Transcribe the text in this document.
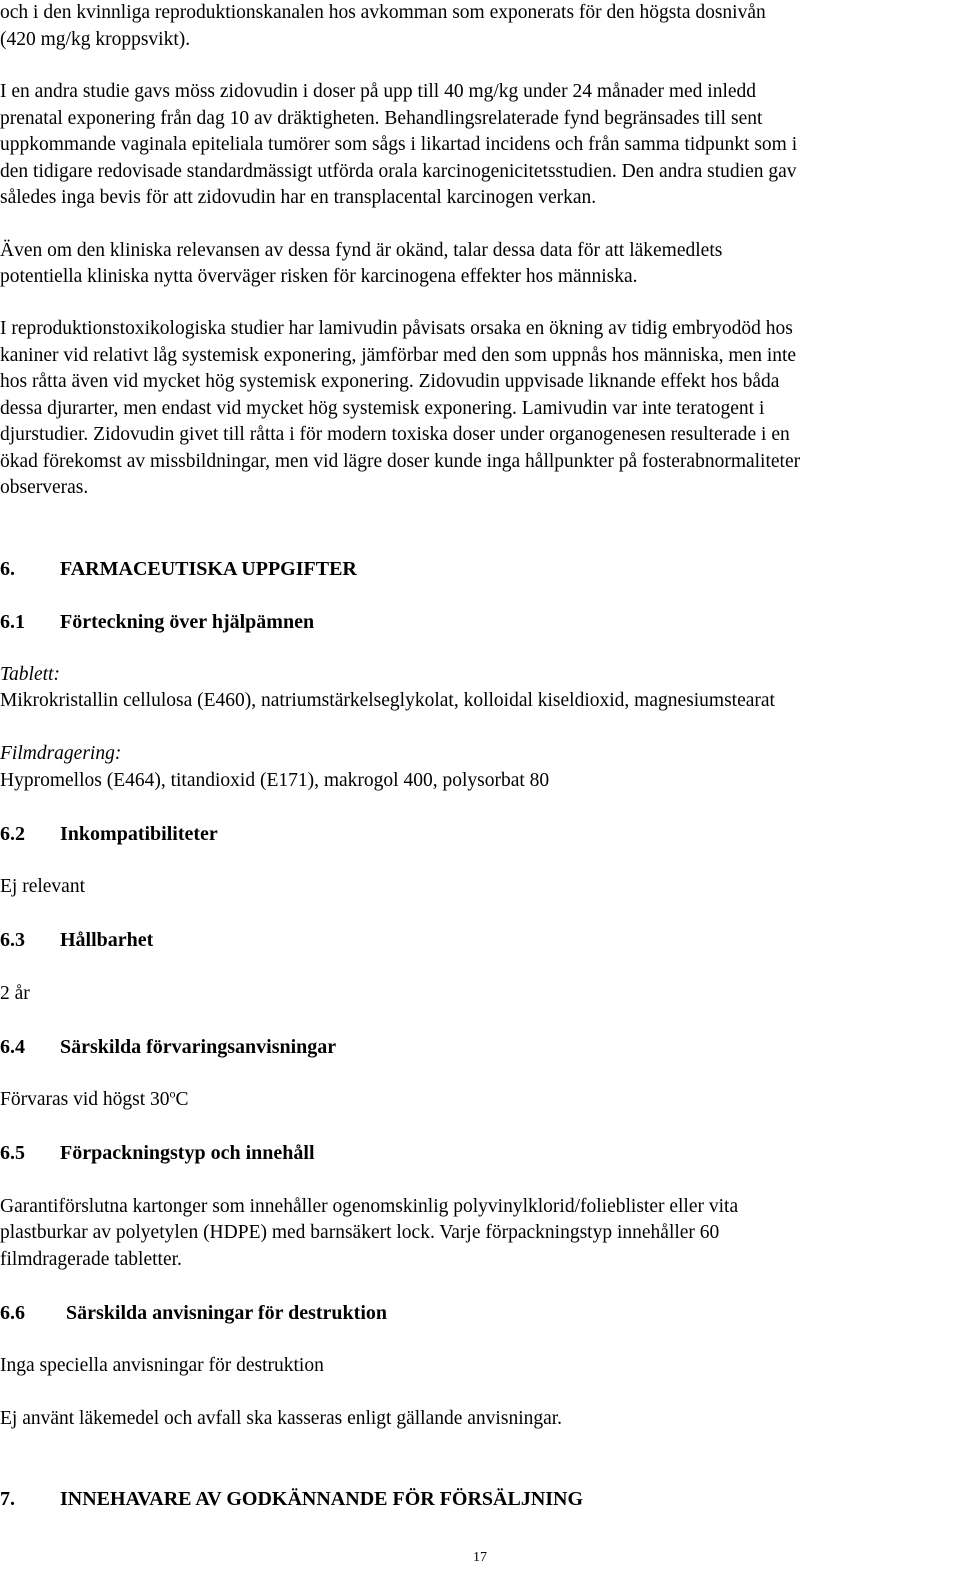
och i den kvinnliga reproduktionskanalen hos avkomman som exponerats för den högsta dosnivån

(420 mg/kg kroppsvikt).

I en andra studie gavs möss zidovudin i doser på upp till 40 mg/kg under 24 månader med inledd

prenatal exponering från dag 10 av dräktigheten. Behandlingsrelaterade fynd begränsades till sent

uppkommande vaginala epiteliala tumörer som sågs i likartad incidens och från samma tidpunkt som i

den tidigare redovisade standardmässigt utförda orala karcinogenicitetsstudien. Den andra studien gav

således inga bevis för att zidovudin har en transplacental karcinogen verkan.

Även om den kliniska relevansen av dessa fynd är okänd, talar dessa data för att läkemedlets

potentiella kliniska nytta överväger risken för karcinogena effekter hos människa.

I reproduktionstoxikologiska studier har lamivudin påvisats orsaka en ökning av tidig embryodöd hos

kaniner vid relativt låg systemisk exponering, jämförbar med den som uppnås hos människa, men inte

hos råtta även vid mycket hög systemisk exponering. Zidovudin uppvisade liknande effekt hos båda

dessa djurarter, men endast vid mycket hög systemisk exponering. Lamivudin var inte teratogent i

djurstudier. Zidovudin givet till råtta i för modern toxiska doser under organogenesen resulterade i en

ökad förekomst av missbildningar, men vid lägre doser kunde inga hållpunkter på fosterabnormaliteter

observeras.

6. FARMACEUTISKA UPPGIFTER
6.1 Förteckning över hjälpämnen

Tablett:

Mikrokristallin cellulosa (E460), natriumstärkelseglykolat, kolloidal kiseldioxid, magnesiumstearat

Filmdragering:

Hypromellos (E464), titandioxid (E171), makrogol 400, polysorbat 80

6.2 Inkompatibiliteter

Ej relevant

6.3 Hållbarhet

2 år

6.4 Särskilda förvaringsanvisningar

Förvaras vid högst 30$^o$C

6.5 Förpackningstyp och innehåll

Garantiförslutna kartonger som innehåller ogenomskinlig polyvinylklorid/folieblister eller vita

plastburkar av polyetylen (HDPE) med barnsäkert lock. Varje förpackningstyp innehåller 60

filmdragerade tabletter.

6.6 Särskilda anvisningar för destruktion

Inga speciella anvisningar för destruktion

Ej använt läkemedel och avfall ska kasseras enligt gällande anvisningar.

7. INNEHAVARE AV GODKÄNNANDE FÖR FÖRSÄLJNING
17
